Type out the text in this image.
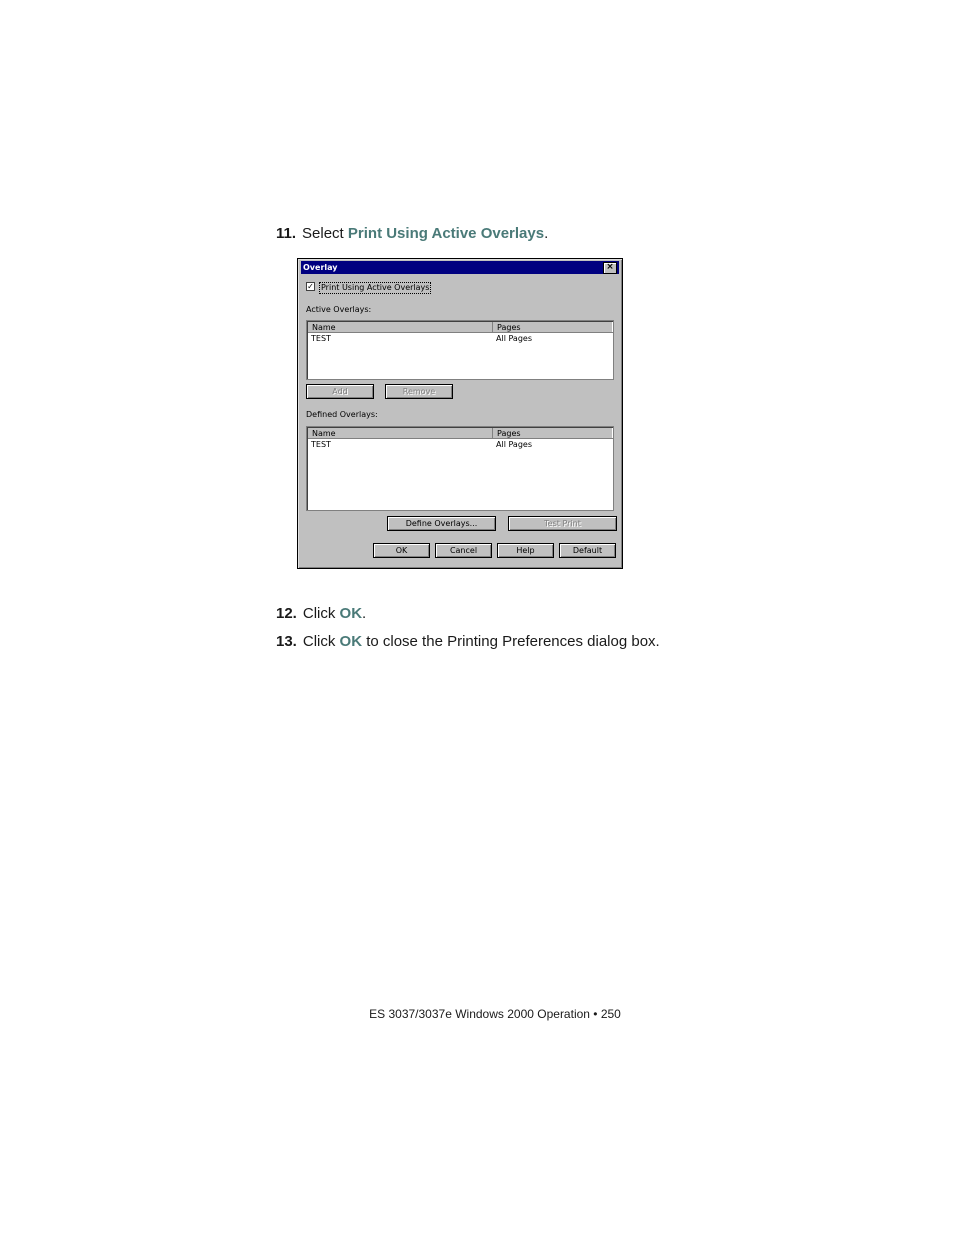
11. Select Print Using Active Overlays.
Overlay	×
✓ Print Using Active Overlays
Active Overlays:
Name	Pages
TEST	All Pages
Add	Remove
Defined Overlays:
Name	Pages
TEST	All Pages
Define Overlays...	Test Print
OK	Cancel	Help	Default
12. Click OK.
13. Click OK to close the Printing Preferences dialog box.
ES 3037/3037e Windows 2000 Operation • 250
